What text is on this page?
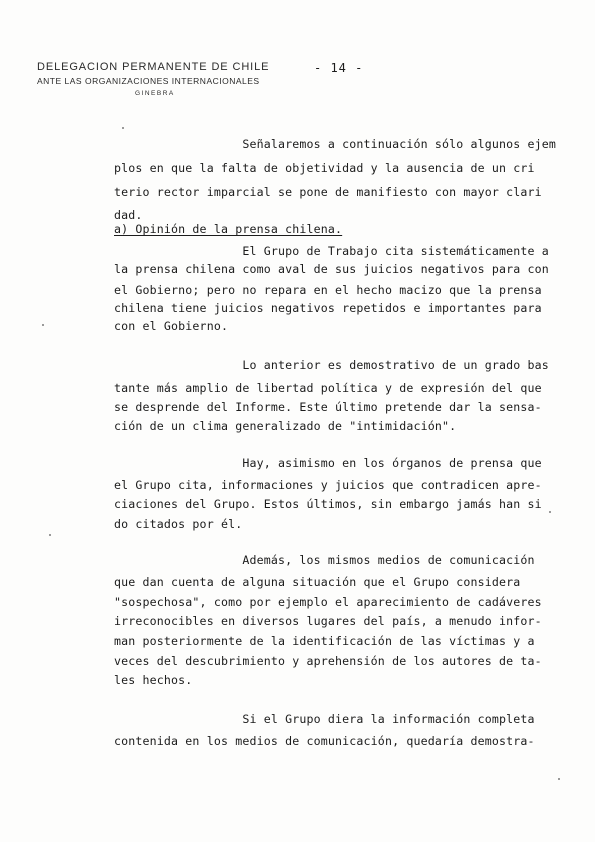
DELEGACION PERMANENTE DE CHILE
ANTE LAS ORGANIZACIONES INTERNACIONALES
GINEBRA
- 14 -
Señalaremos a continuación sólo algunos ejem
plos en que la falta de objetividad y la ausencia de un cri
terio rector imparcial se pone de manifiesto con mayor clari
dad.
a) Opinión de la prensa chilena.
El Grupo de Trabajo cita sistemáticamente a
la prensa chilena como aval de sus juicios negativos para con
el Gobierno; pero no repara en el hecho macizo que la prensa
chilena tiene juicios negativos repetidos e importantes para
con el Gobierno.
Lo anterior es demostrativo de un grado bas
tante más amplio de libertad política y de expresión del que
se desprende del Informe. Este último pretende dar la sensa-
ción de un clima generalizado de "intimidación".
Hay, asimismo en los órganos de prensa que
el Grupo cita, informaciones y juicios que contradicen apre-
ciaciones del Grupo. Estos últimos, sin embargo jamás han si
do citados por él.
Además, los mismos medios de comunicación
que dan cuenta de alguna situación que el Grupo considera
"sospechosa", como por ejemplo el aparecimiento de cadáveres
irreconocibles en diversos lugares del país, a menudo infor-
man posteriormente de la identificación de las víctimas y a
veces del descubrimiento y aprehensión de los autores de ta-
les hechos.
Si el Grupo diera la información completa
contenida en los medios de comunicación, quedaría demostra-
